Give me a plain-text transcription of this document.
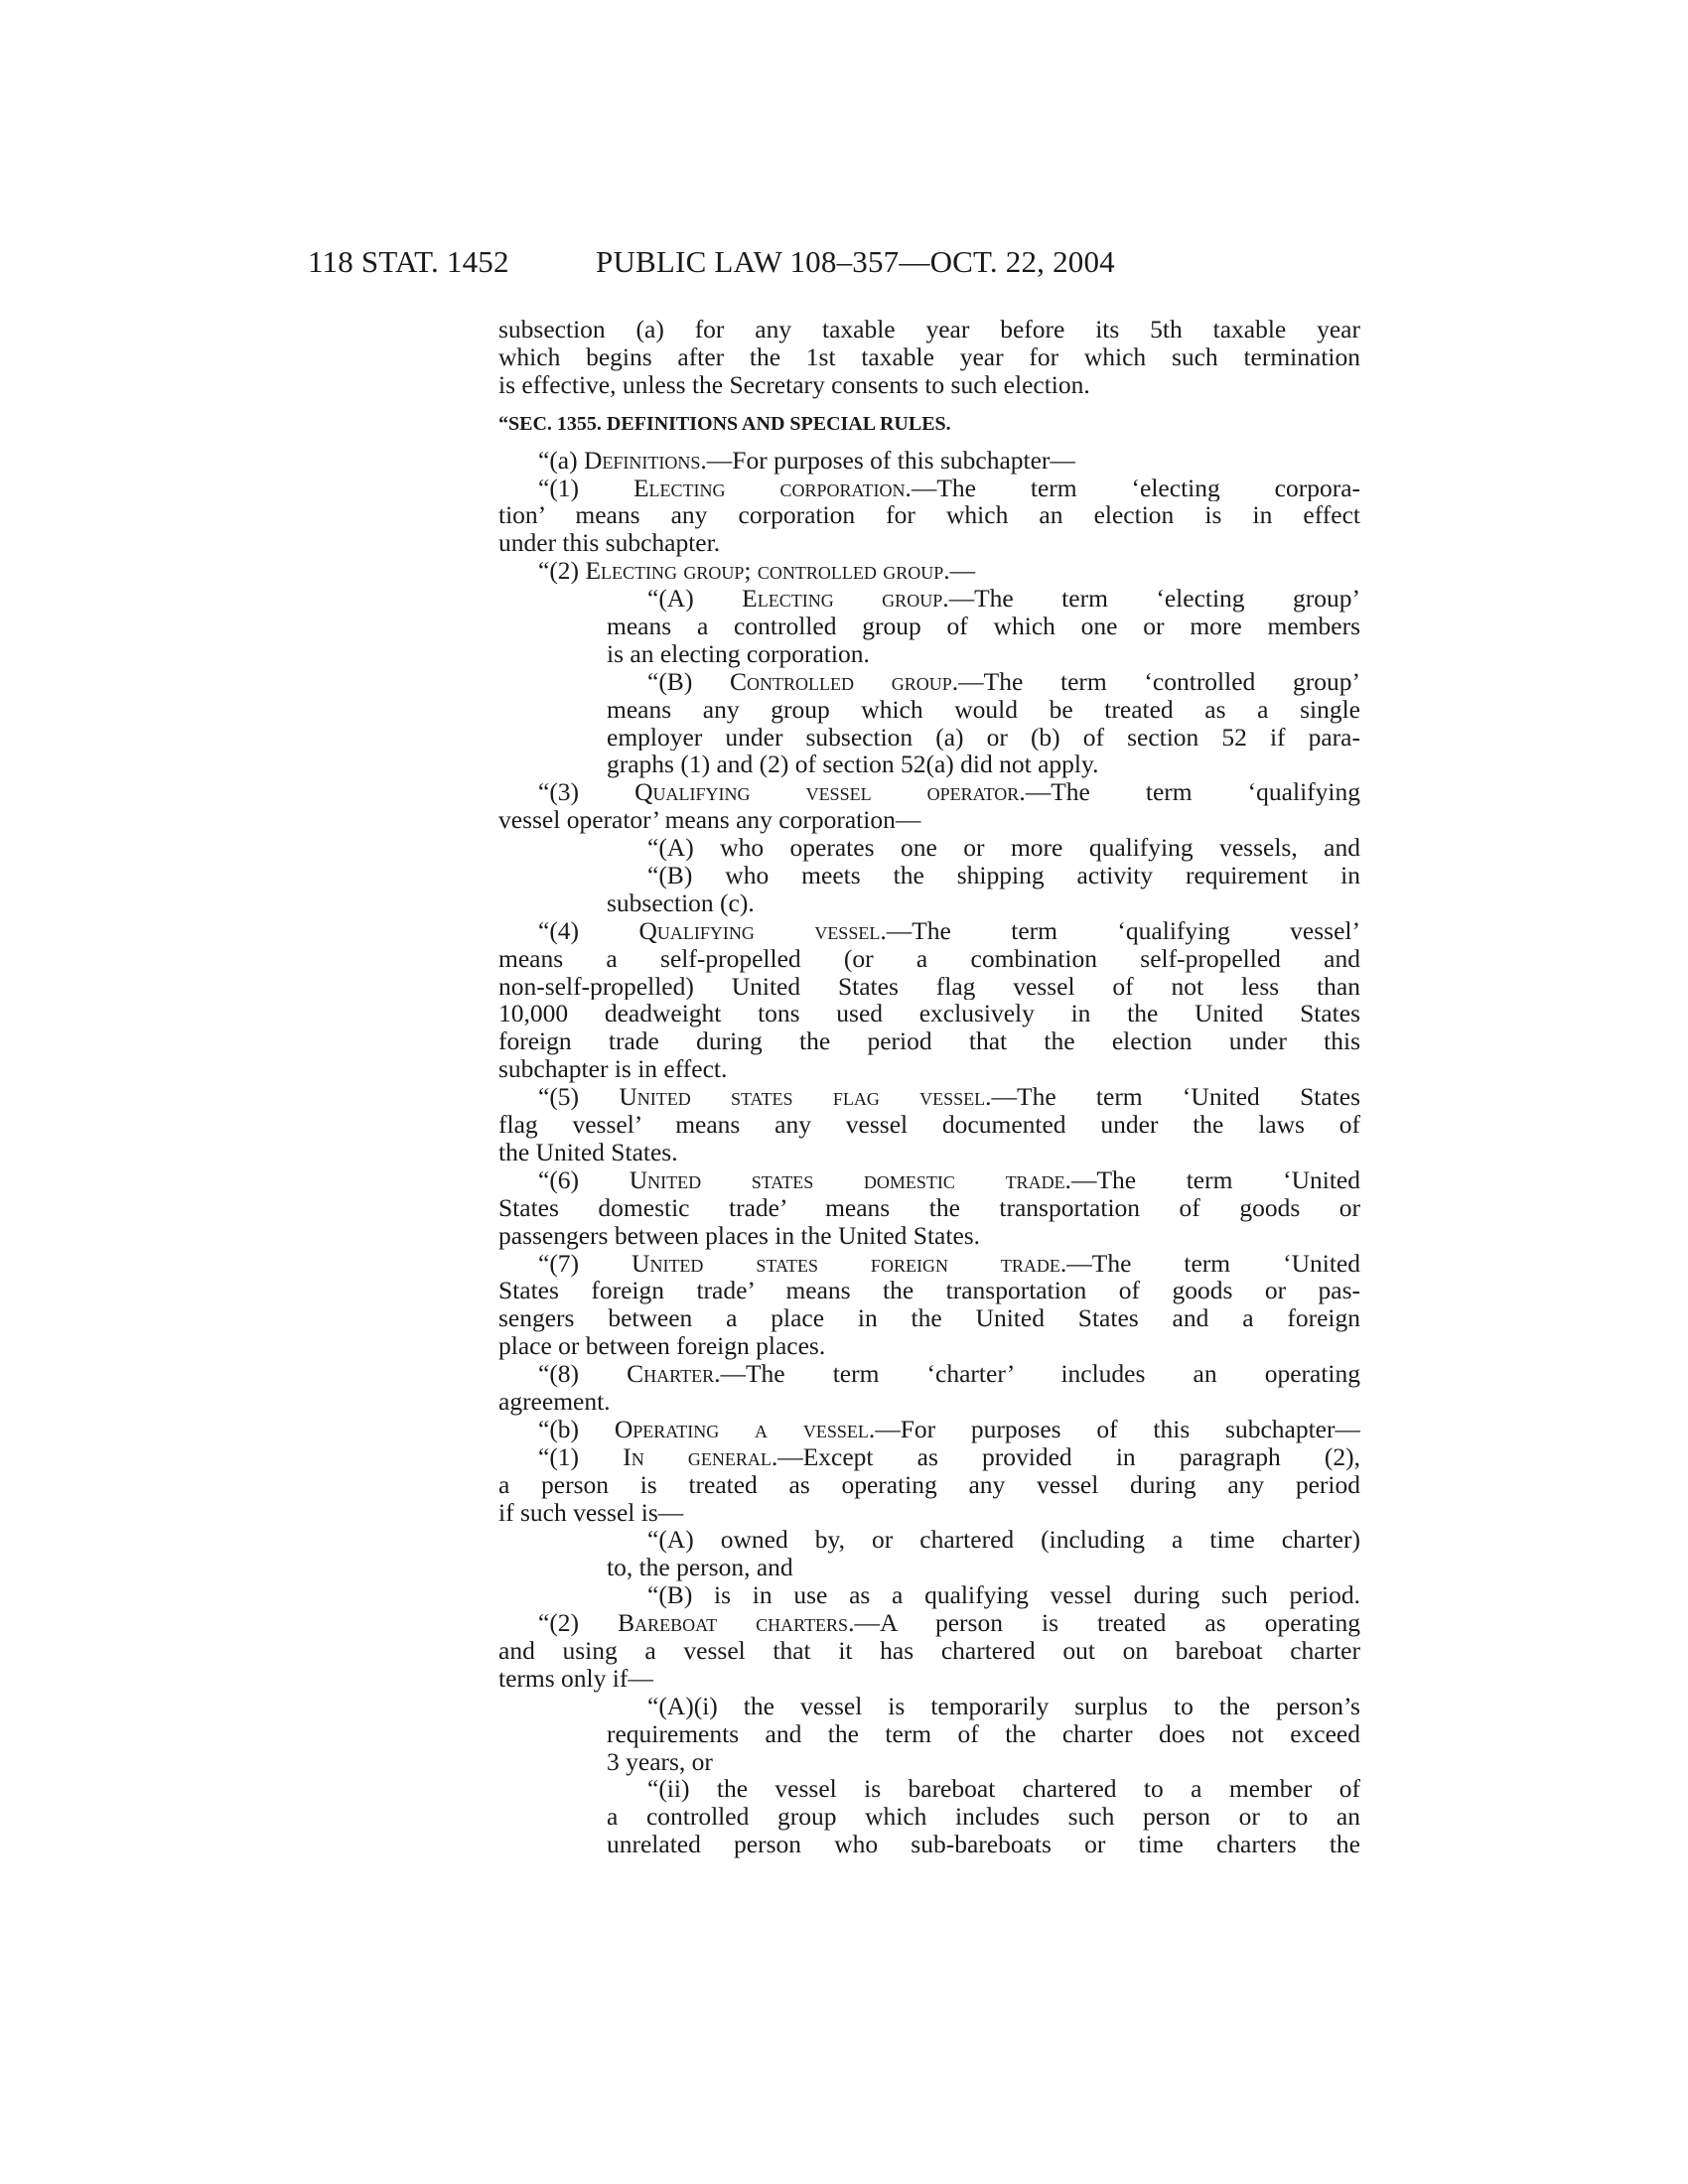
118 STAT. 1452	PUBLIC LAW 108–357—OCT. 22, 2004
subsection (a) for any taxable year before its 5th taxable year
which begins after the 1st taxable year for which such termination
is effective, unless the Secretary consents to such election.
“SEC. 1355. DEFINITIONS AND SPECIAL RULES.
“(a) Definitions.—For purposes of this subchapter—
“(1) Electing corporation.—The term ‘electing corpora-
tion’ means any corporation for which an election is in effect
under this subchapter.
“(2) Electing group; controlled group.—
“(A) Electing group.—The term ‘electing group’
means a controlled group of which one or more members
is an electing corporation.
“(B) Controlled group.—The term ‘controlled group’
means any group which would be treated as a single
employer under subsection (a) or (b) of section 52 if para-
graphs (1) and (2) of section 52(a) did not apply.
“(3) Qualifying vessel operator.—The term ‘qualifying
vessel operator’ means any corporation—
“(A) who operates one or more qualifying vessels, and
“(B) who meets the shipping activity requirement in
subsection (c).
“(4) Qualifying vessel.—The term ‘qualifying vessel’
means a self-propelled (or a combination self-propelled and
non-self-propelled) United States flag vessel of not less than
10,000 deadweight tons used exclusively in the United States
foreign trade during the period that the election under this
subchapter is in effect.
“(5) United states flag vessel.—The term ‘United States
flag vessel’ means any vessel documented under the laws of
the United States.
“(6) United states domestic trade.—The term ‘United
States domestic trade’ means the transportation of goods or
passengers between places in the United States.
“(7) United states foreign trade.—The term ‘United
States foreign trade’ means the transportation of goods or pas-
sengers between a place in the United States and a foreign
place or between foreign places.
“(8) Charter.—The term ‘charter’ includes an operating
agreement.
“(b) Operating a vessel.—For purposes of this subchapter—
“(1) In general.—Except as provided in paragraph (2),
a person is treated as operating any vessel during any period
if such vessel is—
“(A) owned by, or chartered (including a time charter)
to, the person, and
“(B) is in use as a qualifying vessel during such period.
“(2) Bareboat charters.—A person is treated as operating
and using a vessel that it has chartered out on bareboat charter
terms only if—
“(A)(i) the vessel is temporarily surplus to the person’s
requirements and the term of the charter does not exceed
3 years, or
“(ii) the vessel is bareboat chartered to a member of
a controlled group which includes such person or to an
unrelated person who sub-bareboats or time charters the
